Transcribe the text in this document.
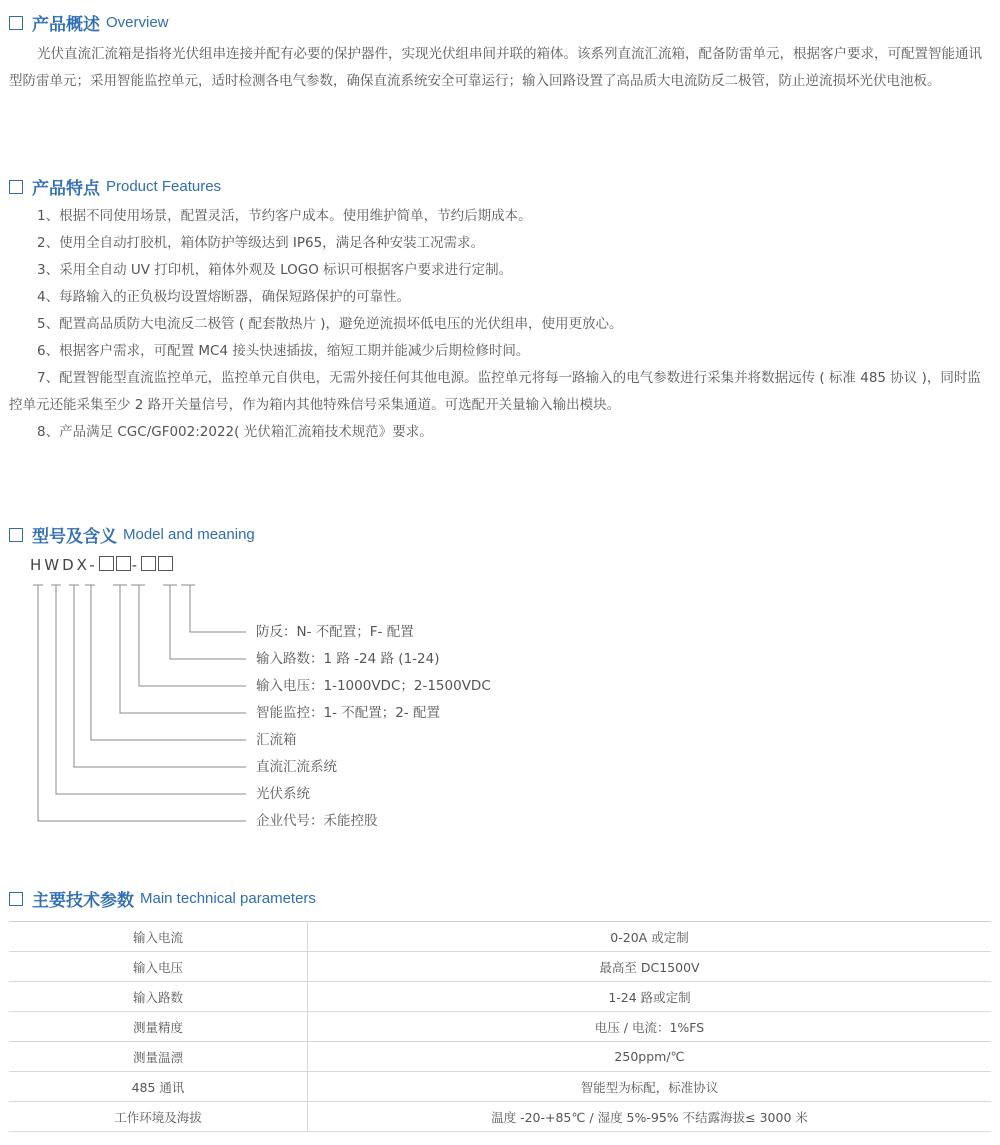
产品概述 Overview

光伏直流汇流箱是指将光伏组串连接并配有必要的保护器件，实现光伏组串间并联的箱体。该系列直流汇流箱，配备防雷单元，根据客户要求，可配置智能通讯型防雷单元；采用智能监控单元，适时检测各电气参数，确保直流系统安全可靠运行；输入回路设置了高品质大电流防反二极管，防止逆流损坏光伏电池板。

产品特点 Product Features

1、根据不同使用场景，配置灵活，节约客户成本。使用维护简单，节约后期成本。

2、使用全自动打胶机，箱体防护等级达到 IP65，满足各种安装工况需求。

3、采用全自动 UV 打印机，箱体外观及 LOGO 标识可根据客户要求进行定制。

4、每路输入的正负极均设置熔断器，确保短路保护的可靠性。

5、配置高品质防大电流反二极管 ( 配套散热片 )，避免逆流损坏低电压的光伏组串，使用更放心。

6、根据客户需求，可配置 MC4 接头快速插拔，缩短工期并能减少后期检修时间。

7、配置智能型直流监控单元，监控单元自供电，无需外接任何其他电源。监控单元将每一路输入的电气参数进行采集并将数据远传 ( 标准 485 协议 )，同时监控单元还能采集至少 2 路开关量信号，作为箱内其他特殊信号采集通道。可选配开关量输入输出模块。

8、产品满足 CGC/GF002:2022( 光伏箱汇流箱技术规范》要求。

型号及含义 Model and meaning
HWDX- -
防反：N- 不配置；F- 配置
输入路数：1 路 -24 路 (1-24)
输入电压：1-1000VDC；2-1500VDC
智能监控：1- 不配置；2- 配置
汇流箱
直流汇流系统
光伏系统
企业代号：禾能控股
主要技术参数 Main technical parameters
输入电流	0-20A 或定制
输入电压	最高至 DC1500V
输入路数	1-24 路或定制
测量精度	电压 / 电流：1%FS
测量温漂	250ppm/℃
485 通讯	智能型为标配，标准协议
工作环境及海拔	温度 -20-+85℃ / 湿度 5%-95% 不结露海拔≤ 3000 米
